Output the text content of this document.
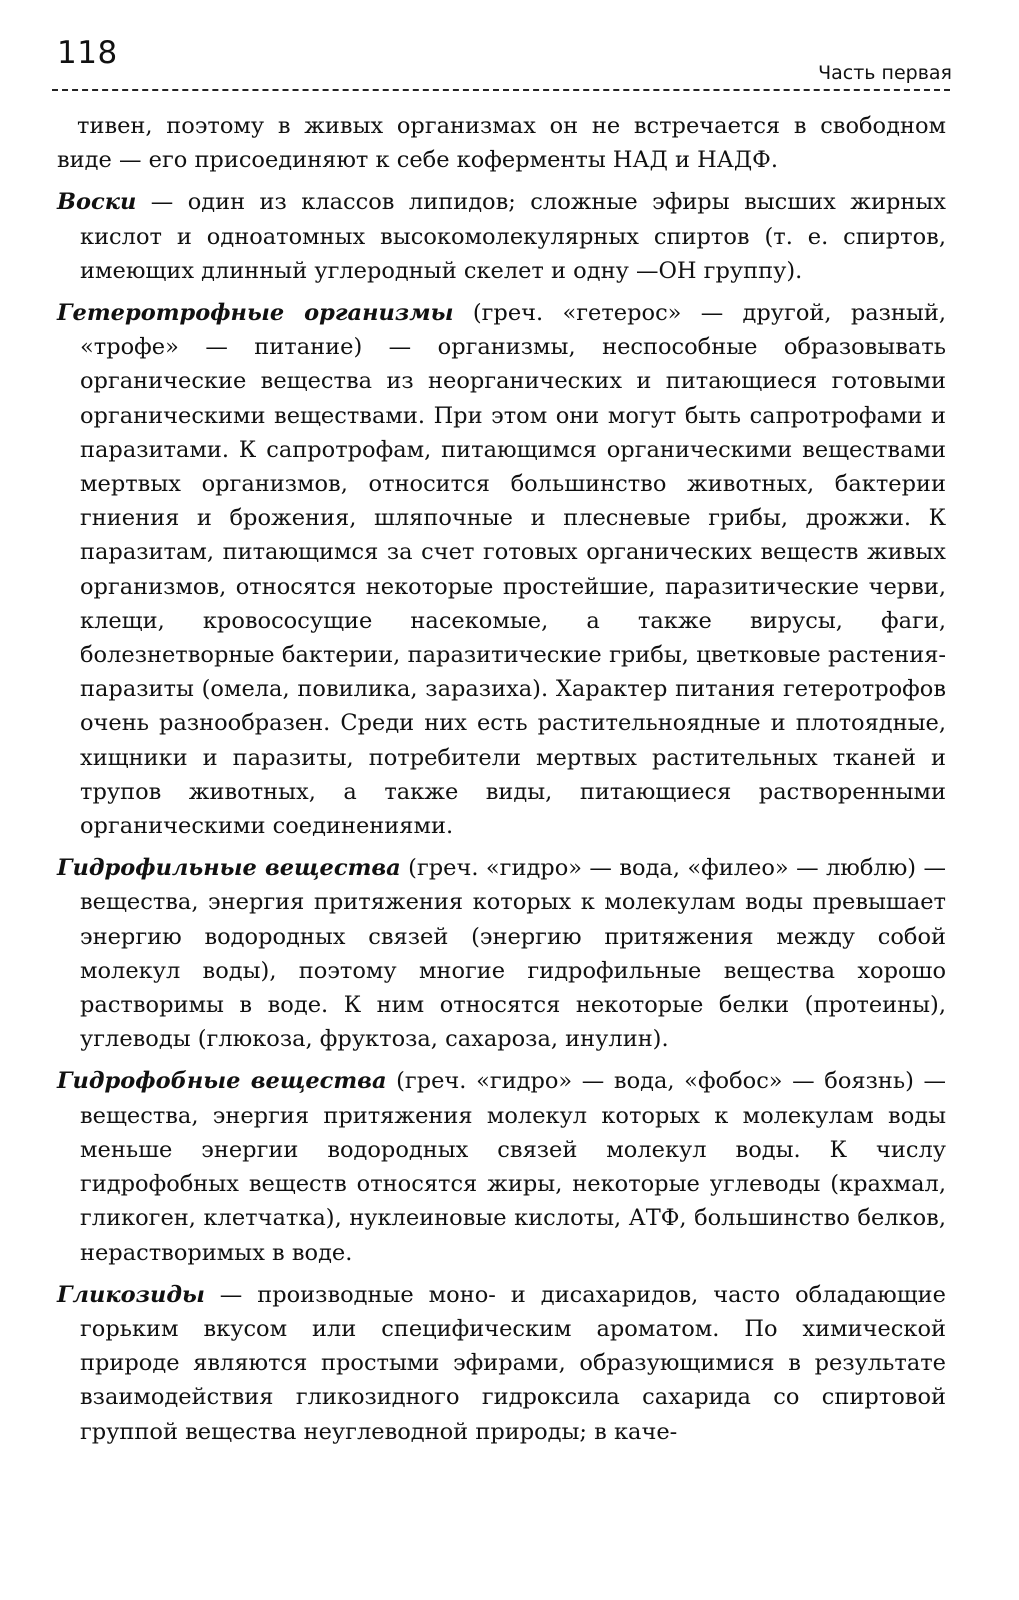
118
Часть первая

тивен, поэтому в живых организмах он не встречается в свободном виде — его присоединяют к себе коферменты НАД и НАДФ.

Воски — один из классов липидов; сложные эфиры высших жирных кислот и одноатомных высокомолекулярных спиртов (т. е. спиртов, имеющих длинный углеродный скелет и одну —ОН группу).

Гетеротрофные организмы (греч. «гетерос» — другой, разный, «трофе» — питание) — организмы, неспособные образовывать органические вещества из неорганических и питающиеся готовыми органическими веществами. При этом они могут быть сапротрофами и паразитами. К сапротрофам, питающимся органическими веществами мертвых организмов, относится большинство животных, бактерии гниения и брожения, шляпочные и плесневые грибы, дрожжи. К паразитам, питающимся за счет готовых органических веществ живых организмов, относятся некоторые простейшие, паразитические черви, клещи, кровососущие насекомые, а также вирусы, фаги, болезнетворные бактерии, паразитические грибы, цветковые растения-паразиты (омела, повилика, заразиха). Характер питания гетеротрофов очень разнообразен. Среди них есть растительноядные и плотоядные, хищники и паразиты, потребители мертвых растительных тканей и трупов животных, а также виды, питающиеся растворенными органическими соединениями.

Гидрофильные вещества (греч. «гидро» — вода, «филео» — люблю) — вещества, энергия притяжения которых к молекулам воды превышает энергию водородных связей (энергию притяжения между собой молекул воды), поэтому многие гидрофильные вещества хорошо растворимы в воде. К ним относятся некоторые белки (протеины), углеводы (глюкоза, фруктоза, сахароза, инулин).

Гидрофобные вещества (греч. «гидро» — вода, «фобос» — боязнь) — вещества, энергия притяжения молекул которых к молекулам воды меньше энергии водородных связей молекул воды. К числу гидрофобных веществ относятся жиры, некоторые углеводы (крахмал, гликоген, клетчатка), нуклеиновые кислоты, АТФ, большинство белков, нерастворимых в воде.

Гликозиды — производные моно- и дисахаридов, часто обладающие горьким вкусом или специфическим ароматом. По химической природе являются простыми эфирами, образующимися в результате взаимодействия гликозидного гидроксила сахарида со спиртовой группой вещества неуглеводной природы; в каче-
